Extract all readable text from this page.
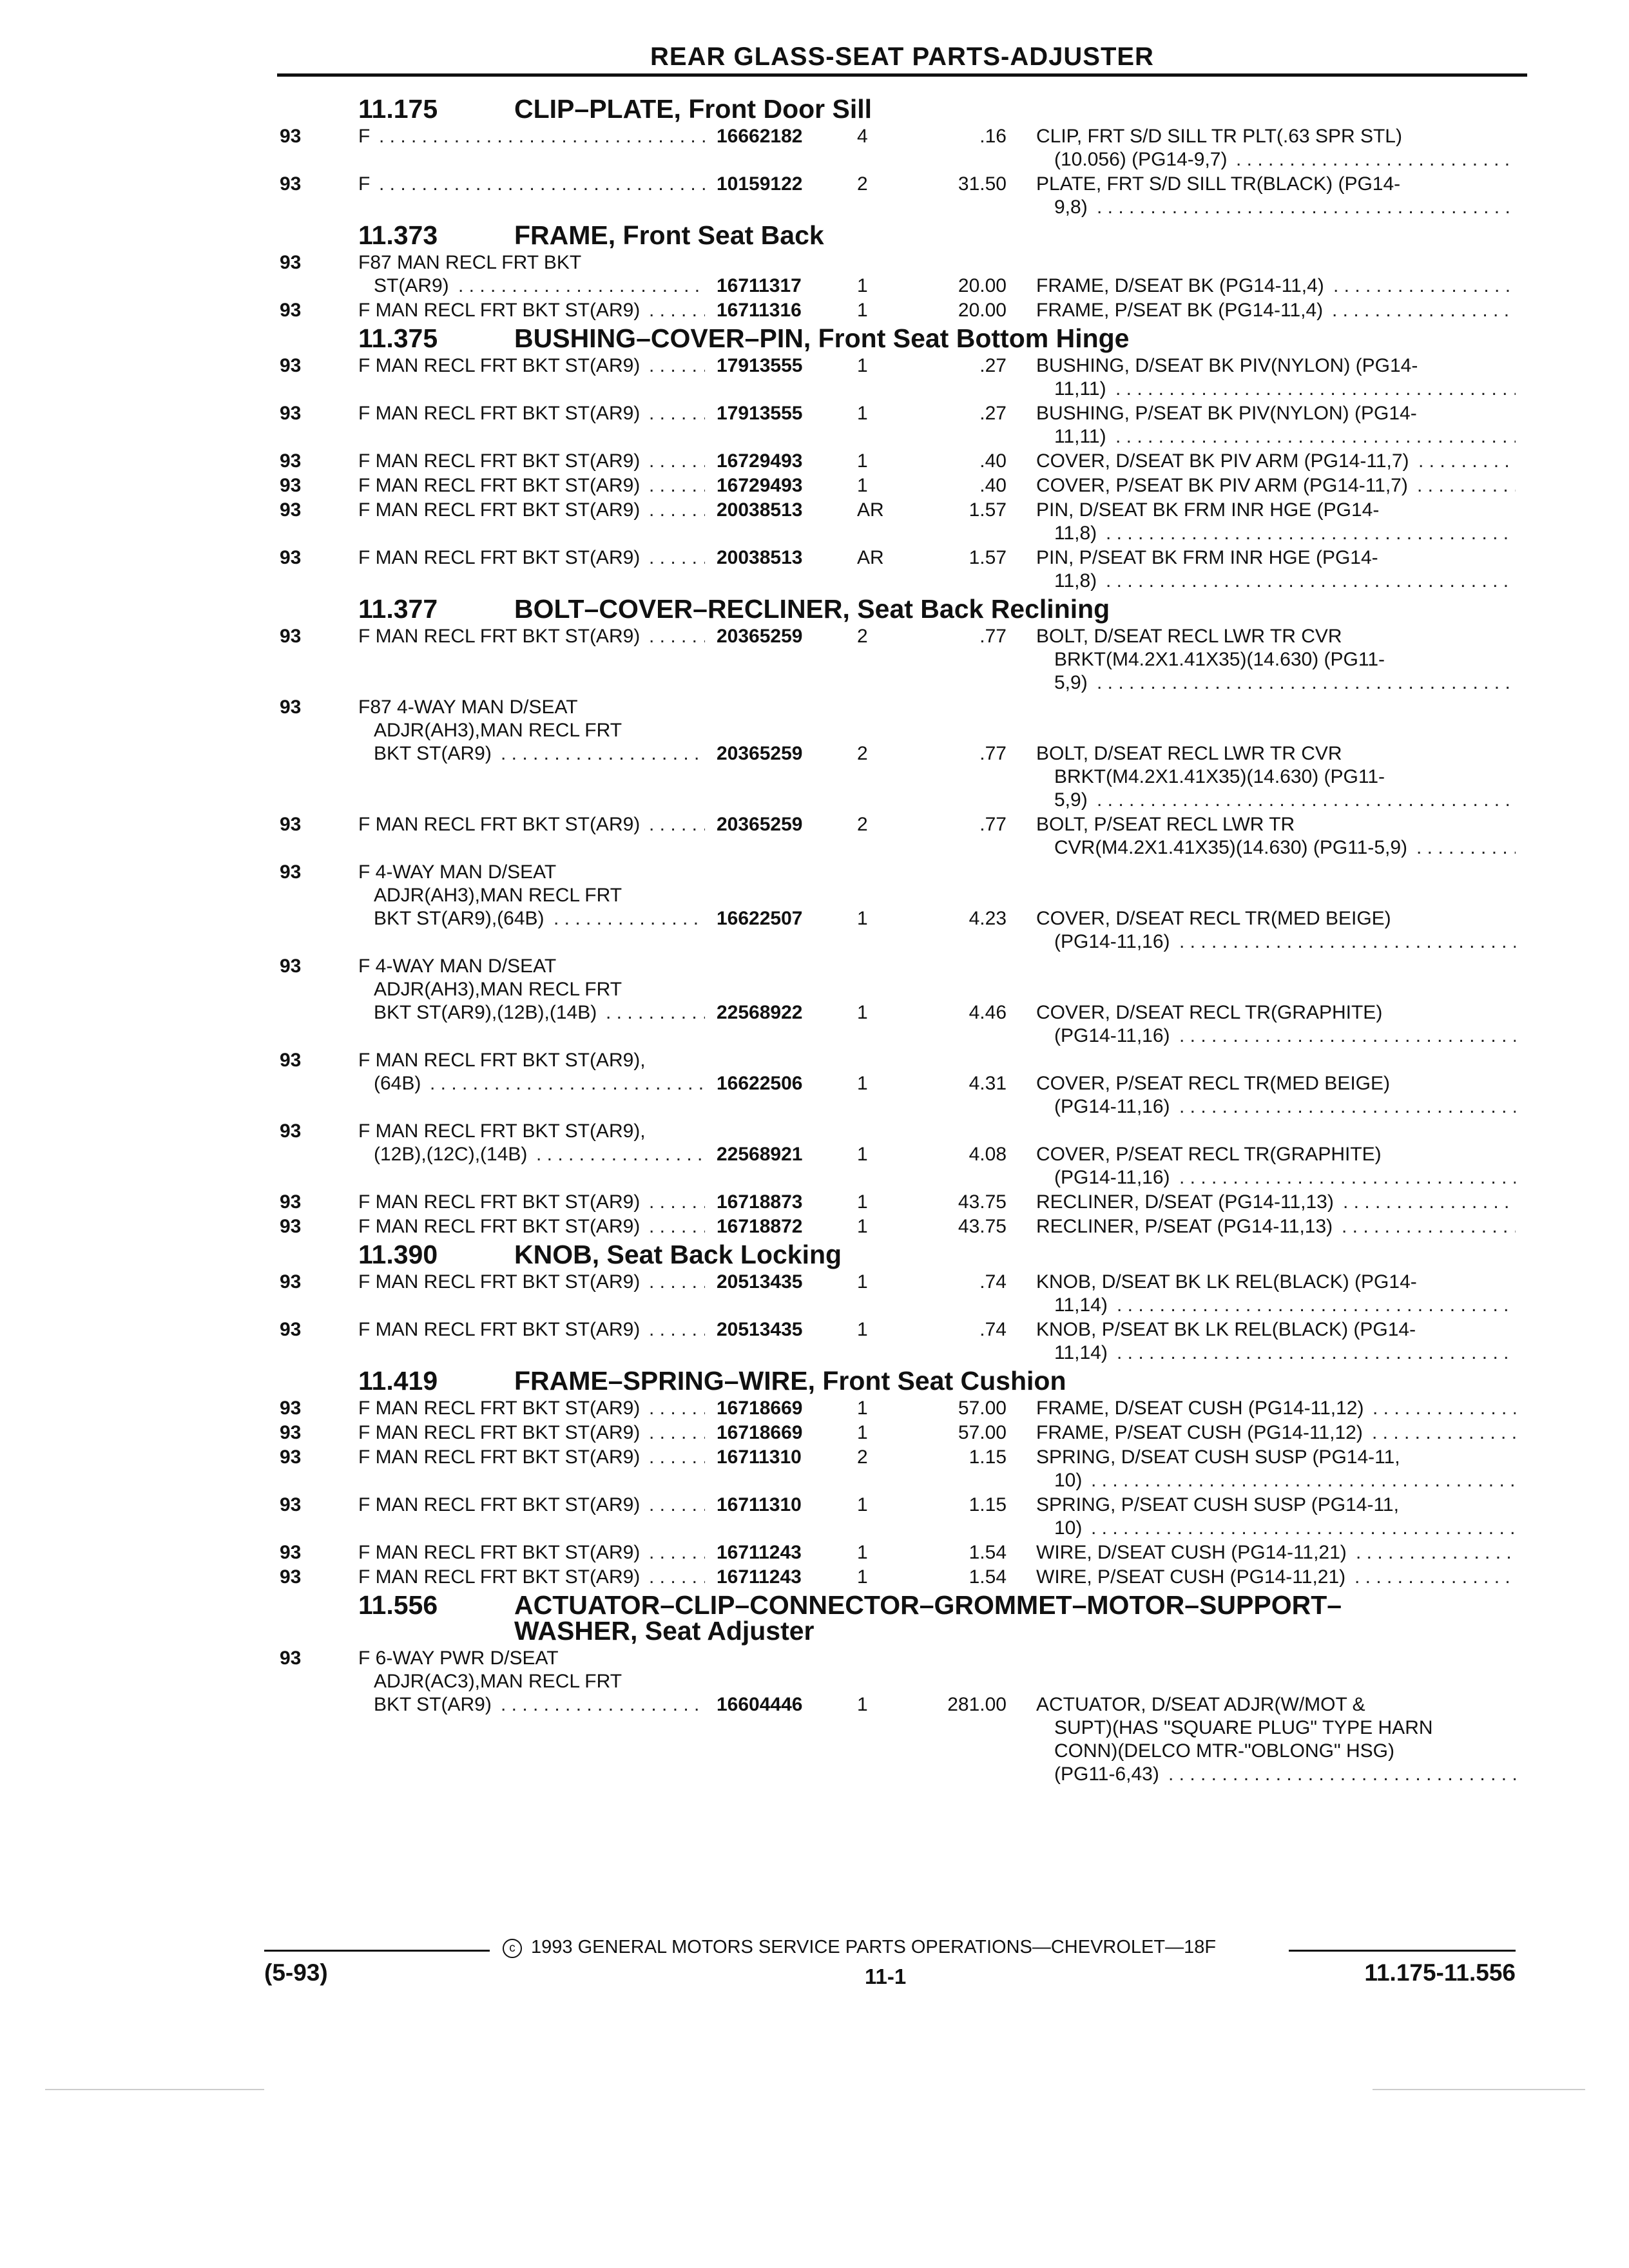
REAR GLASS-SEAT PARTS-ADJUSTER
11.175	CLIP–PLATE, Front Door Sill
93	F . . .	16662182	4	.16 CLIP, FRT S/D SILL TR PLT(.63 SPR STL)
(10.056) (PG14-9,7)
. . .
93	F . . .	10159122	2	31.50 PLATE, FRT S/D SILL TR(BLACK) (PG14-
9,8)
. . .
11.373	FRAME, Front Seat Back
93	F87 MAN RECL FRT BKT
ST(AR9) . . .	16711317	1	20.00 FRAME, D/SEAT BK (PG14-11,4)
. . .
93	F MAN RECL FRT BKT ST(AR9) . . .	16711316	1	20.00 FRAME, P/SEAT BK (PG14-11,4)
. . .
11.375	BUSHING–COVER–PIN, Front Seat Bottom Hinge
93	F MAN RECL FRT BKT ST(AR9) . . .	17913555	1	.27 BUSHING, D/SEAT BK PIV(NYLON) (PG14-
11,11)
. . .
93	F MAN RECL FRT BKT ST(AR9) . . .	17913555	1	.27 BUSHING, P/SEAT BK PIV(NYLON) (PG14-
11,11)
. . .
93	F MAN RECL FRT BKT ST(AR9) . . .	16729493	1	.40 COVER, D/SEAT BK PIV ARM (PG14-11,7)
. . .
93	F MAN RECL FRT BKT ST(AR9) . . .	16729493	1	.40 COVER, P/SEAT BK PIV ARM (PG14-11,7)
. . .
93	F MAN RECL FRT BKT ST(AR9) . . .	20038513	AR	1.57 PIN, D/SEAT BK FRM INR HGE (PG14-
11,8)
. . .
93	F MAN RECL FRT BKT ST(AR9) . . .	20038513	AR	1.57 PIN, P/SEAT BK FRM INR HGE (PG14-
11,8)
. . .
11.377	BOLT–COVER–RECLINER, Seat Back Reclining
93	F MAN RECL FRT BKT ST(AR9) . . .	20365259	2	.77 BOLT, D/SEAT RECL LWR TR CVR
BRKT(M4.2X1.41X35)(14.630) (PG11-
5,9)
. . .
93	F87 4-WAY MAN D/SEAT
ADJR(AH3),MAN RECL FRT
BKT ST(AR9) . . .	20365259	2	.77 BOLT, D/SEAT RECL LWR TR CVR
BRKT(M4.2X1.41X35)(14.630) (PG11-
5,9)
. . .
93	F MAN RECL FRT BKT ST(AR9) . . .	20365259	2	.77 BOLT, P/SEAT RECL LWR TR
CVR(M4.2X1.41X35)(14.630) (PG11-5,9)
. . .
93	F 4-WAY MAN D/SEAT
ADJR(AH3),MAN RECL FRT
BKT ST(AR9),(64B) . . .	16622507	1	4.23 COVER, D/SEAT RECL TR(MED BEIGE)
(PG14-11,16)
. . .
93	F 4-WAY MAN D/SEAT
ADJR(AH3),MAN RECL FRT
BKT ST(AR9),(12B),(14B) . . .	22568922	1	4.46 COVER, D/SEAT RECL TR(GRAPHITE)
(PG14-11,16)
. . .
93	F MAN RECL FRT BKT ST(AR9),
(64B) . . .	16622506	1	4.31 COVER, P/SEAT RECL TR(MED BEIGE)
(PG14-11,16)
. . .
93	F MAN RECL FRT BKT ST(AR9),
(12B),(12C),(14B) . . .	22568921	1	4.08 COVER, P/SEAT RECL TR(GRAPHITE)
(PG14-11,16)
. . .
93	F MAN RECL FRT BKT ST(AR9) . . .	16718873	1	43.75 RECLINER, D/SEAT (PG14-11,13)
. . .
93	F MAN RECL FRT BKT ST(AR9) . . .	16718872	1	43.75 RECLINER, P/SEAT (PG14-11,13)
. . .
11.390	KNOB, Seat Back Locking
93	F MAN RECL FRT BKT ST(AR9) . . .	20513435	1	.74 KNOB, D/SEAT BK LK REL(BLACK) (PG14-
11,14)
. . .
93	F MAN RECL FRT BKT ST(AR9) . . .	20513435	1	.74 KNOB, P/SEAT BK LK REL(BLACK) (PG14-
11,14)
. . .
11.419	FRAME–SPRING–WIRE, Front Seat Cushion
93	F MAN RECL FRT BKT ST(AR9) . . .	16718669	1	57.00 FRAME, D/SEAT CUSH (PG14-11,12)
. . .
93	F MAN RECL FRT BKT ST(AR9) . . .	16718669	1	57.00 FRAME, P/SEAT CUSH (PG14-11,12)
. . .
93	F MAN RECL FRT BKT ST(AR9) . . .	16711310	2	1.15 SPRING, D/SEAT CUSH SUSP (PG14-11,
10)
. . .
93	F MAN RECL FRT BKT ST(AR9) . . .	16711310	1	1.15 SPRING, P/SEAT CUSH SUSP (PG14-11,
10)
. . .
93	F MAN RECL FRT BKT ST(AR9) . . .	16711243	1	1.54 WIRE, D/SEAT CUSH (PG14-11,21)
. . .
93	F MAN RECL FRT BKT ST(AR9) . . .	16711243	1	1.54 WIRE, P/SEAT CUSH (PG14-11,21)
. . .
11.556	ACTUATOR–CLIP–CONNECTOR–GROMMET–MOTOR–SUPPORT–
WASHER, Seat Adjuster
93	F 6-WAY PWR D/SEAT
ADJR(AC3),MAN RECL FRT
BKT ST(AR9) . . .	16604446	1	281.00 ACTUATOR, D/SEAT ADJR(W/MOT &
SUPT)(HAS "SQUARE PLUG" TYPE HARN
CONN)(DELCO MTR-"OBLONG" HSG)
(PG11-6,43)
. . .
c 1993 GENERAL MOTORS SERVICE PARTS OPERATIONS—CHEVROLET—18F
(5-93)	11-1	11.175-11.556
